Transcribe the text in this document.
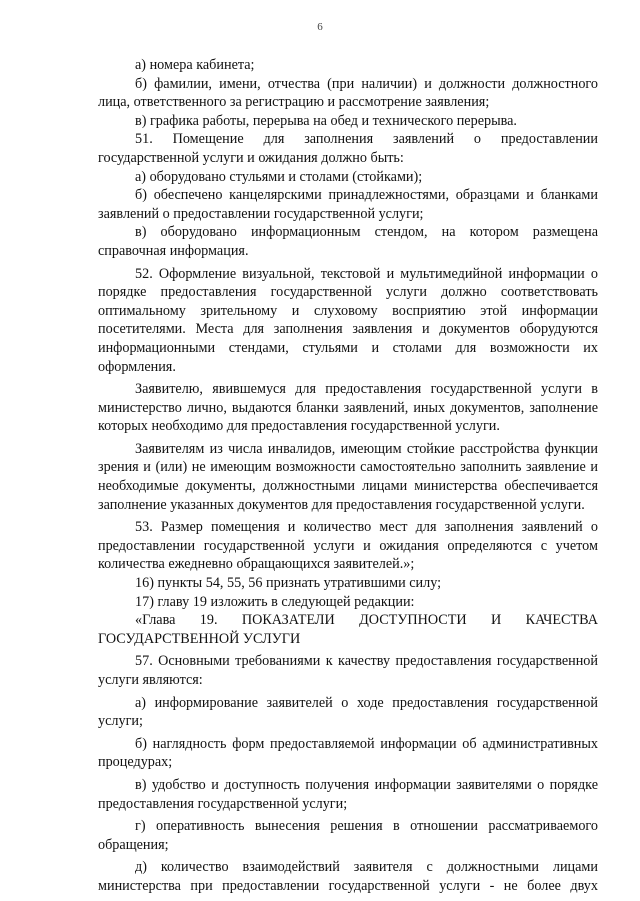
6

а) номера кабинета;

б) фамилии, имени, отчества (при наличии) и должности должностного лица, ответственного за регистрацию и рассмотрение заявления;

в) графика работы, перерыва на обед и технического перерыва.

51. Помещение для заполнения заявлений о предоставлении государственной услуги и ожидания должно быть:

а) оборудовано стульями и столами (стойками);

б) обеспечено канцелярскими принадлежностями, образцами и бланками заявлений о предоставлении государственной услуги;

в) оборудовано информационным стендом, на котором размещена справочная информация.

52. Оформление визуальной, текстовой и мультимедийной информации о порядке предоставления государственной услуги должно соответствовать оптимальному зрительному и слуховому восприятию этой информации посетителями. Места для заполнения заявления и документов оборудуются информационными стендами, стульями и столами для возможности их оформления.

Заявителю, явившемуся для предоставления государственной услуги в министерство лично, выдаются бланки заявлений, иных документов, заполнение которых необходимо для предоставления государственной услуги.

Заявителям из числа инвалидов, имеющим стойкие расстройства функции зрения и (или) не имеющим возможности самостоятельно заполнить заявление и необходимые документы, должностными лицами министерства обеспечивается заполнение указанных документов для предоставления государственной услуги.

53. Размер помещения и количество мест для заполнения заявлений о предоставлении государственной услуги и ожидания определяются с учетом количества ежедневно обращающихся заявителей.»;

16) пункты 54, 55, 56 признать утратившими силу;

17) главу 19 изложить в следующей редакции:

«Глава 19. ПОКАЗАТЕЛИ ДОСТУПНОСТИ И КАЧЕСТВА ГОСУДАРСТВЕННОЙ УСЛУГИ

57. Основными требованиями к качеству предоставления государственной услуги являются:

а) информирование заявителей о ходе предоставления государственной услуги;

б) наглядность форм предоставляемой информации об административных процедурах;

в) удобство и доступность получения информации заявителями о порядке предоставления государственной услуги;

г) оперативность вынесения решения в отношении рассматриваемого обращения;

д) количество взаимодействий заявителя с должностными лицами министерства при предоставлении государственной услуги - не более двух
